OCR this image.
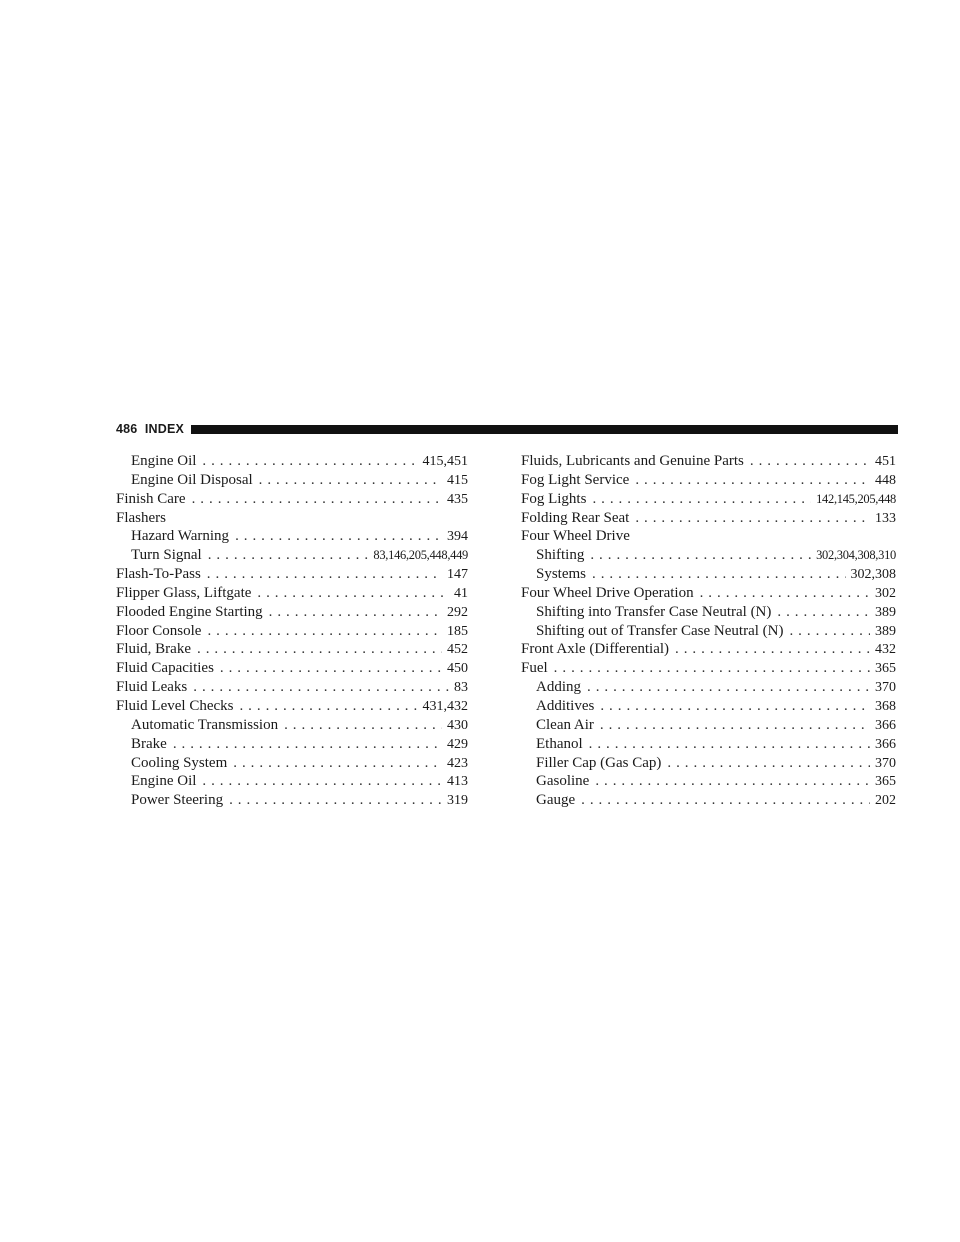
486 INDEX
Engine Oil . . .	415,451
Engine Oil Disposal . . .	415
Finish Care . . .	435
Flashers
Hazard Warning . . .	394
Turn Signal . . .	83,146,205,448,449
Flash-To-Pass . . .	147
Flipper Glass, Liftgate . . .	41
Flooded Engine Starting . . .	292
Floor Console . . .	185
Fluid, Brake . . .	452
Fluid Capacities . . .	450
Fluid Leaks . . .	83
Fluid Level Checks . . .	431,432
Automatic Transmission . . .	430
Brake . . .	429
Cooling System . . .	423
Engine Oil . . .	413
Power Steering . . .	319
Fluids, Lubricants and Genuine Parts . . .	451
Fog Light Service . . .	448
Fog Lights . . .	142,145,205,448
Folding Rear Seat . . .	133
Four Wheel Drive
Shifting . . .	302,304,308,310
Systems . . .	302,308
Four Wheel Drive Operation . . .	302
Shifting into Transfer Case Neutral (N) . . .	389
Shifting out of Transfer Case Neutral (N) . . .	389
Front Axle (Differential) . . .	432
Fuel . . .	365
Adding . . .	370
Additives . . .	368
Clean Air . . .	366
Ethanol . . .	366
Filler Cap (Gas Cap) . . .	370
Gasoline . . .	365
Gauge . . .	202
